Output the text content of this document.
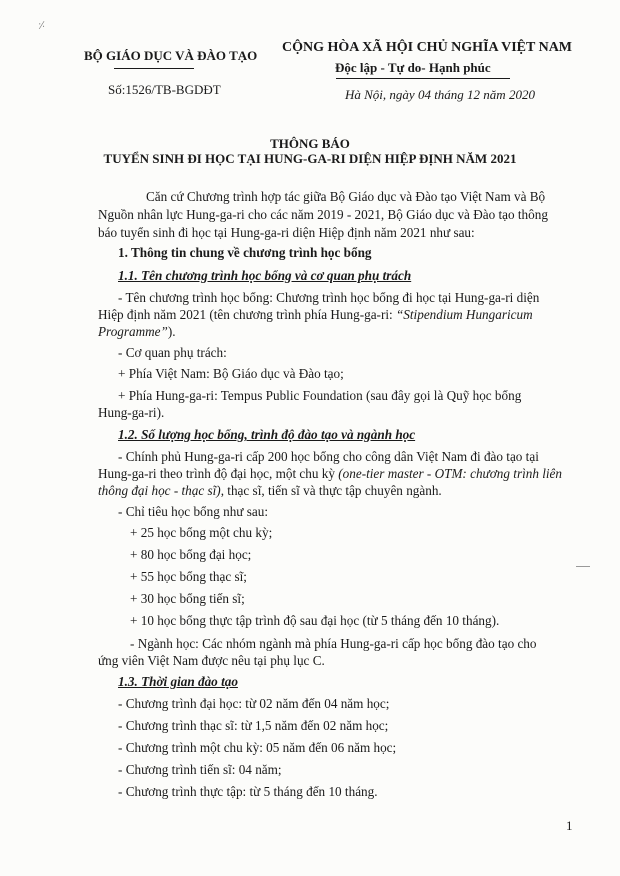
⸓
BỘ GIÁO DỤC VÀ ĐÀO TẠO
Số:1526/TB-BGDĐT
CỘNG HÒA XÃ HỘI CHỦ NGHĨA VIỆT NAM
Độc lập - Tự do- Hạnh phúc
Hà Nội, ngày 04 tháng 12 năm 2020
THÔNG BÁO
TUYỂN SINH ĐI HỌC TẠI HUNG-GA-RI DIỆN HIỆP ĐỊNH NĂM 2021
Căn cứ Chương trình hợp tác giữa Bộ Giáo dục và Đào tạo Việt Nam và Bộ
Nguồn nhân lực Hung-ga-ri cho các năm 2019 - 2021, Bộ Giáo dục và Đào tạo thông
báo tuyển sinh đi học tại Hung-ga-ri diện Hiệp định năm 2021 như sau:
1. Thông tin chung về chương trình học bổng
1.1. Tên chương trình học bổng và cơ quan phụ trách
- Tên chương trình học bổng: Chương trình học bổng đi học tại Hung-ga-ri diện
Hiệp định năm 2021 (tên chương trình phía Hung-ga-ri: “Stipendium Hungaricum
Programme”).
- Cơ quan phụ trách:
+ Phía Việt Nam: Bộ Giáo dục và Đào tạo;
+ Phía Hung-ga-ri: Tempus Public Foundation (sau đây gọi là Quỹ học bổng
Hung-ga-ri).
1.2. Số lượng học bổng, trình độ đào tạo và ngành học
- Chính phủ Hung-ga-ri cấp 200 học bổng cho công dân Việt Nam đi đào tạo tại
Hung-ga-ri theo trình độ đại học, một chu kỳ (one-tier master - OTM: chương trình liên
thông đại học - thạc sĩ), thạc sĩ, tiến sĩ và thực tập chuyên ngành.
- Chỉ tiêu học bổng như sau:
+ 25 học bổng một chu kỳ;
+ 80 học bổng đại học;
+ 55 học bổng thạc sĩ;
+ 30 học bổng tiến sĩ;
+ 10 học bổng thực tập trình độ sau đại học (từ 5 tháng đến 10 tháng).
- Ngành học: Các nhóm ngành mà phía Hung-ga-ri cấp học bổng đào tạo cho
ứng viên Việt Nam được nêu tại phụ lục C.
1.3. Thời gian đào tạo
- Chương trình đại học: từ 02 năm đến 04 năm học;
- Chương trình thạc sĩ: từ 1,5 năm đến 02 năm học;
- Chương trình một chu kỳ: 05 năm đến 06 năm học;
- Chương trình tiến sĩ: 04 năm;
- Chương trình thực tập: từ 5 tháng đến 10 tháng.
1
